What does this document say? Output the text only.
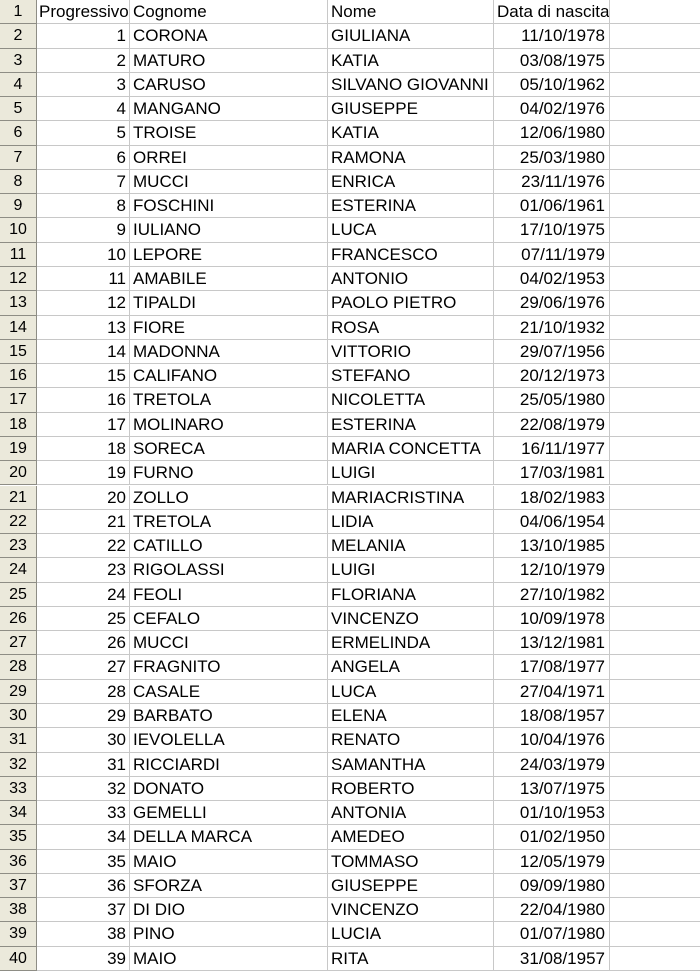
1 Progressivo Cognome	Nome	Data di nascita
2	1 CORONA	GIULIANA	11/10/1978
3	2 MATURO	KATIA	03/08/1975
4	3 CARUSO	SILVANO GIOVANNI	05/10/1962
5	4 MANGANO	GIUSEPPE	04/02/1976
6	5 TROISE	KATIA	12/06/1980
7	6 ORREI	RAMONA	25/03/1980
8	7 MUCCI	ENRICA	23/11/1976
9	8 FOSCHINI	ESTERINA	01/06/1961
10	9 IULIANO	LUCA	17/10/1975
11	10 LEPORE	FRANCESCO	07/11/1979
12	11 AMABILE	ANTONIO	04/02/1953
13	12 TIPALDI	PAOLO PIETRO	29/06/1976
14	13 FIORE	ROSA	21/10/1932
15	14 MADONNA	VITTORIO	29/07/1956
16	15 CALIFANO	STEFANO	20/12/1973
17	16 TRETOLA	NICOLETTA	25/05/1980
18	17 MOLINARO	ESTERINA	22/08/1979
19	18 SORECA	MARIA CONCETTA	16/11/1977
20	19 FURNO	LUIGI	17/03/1981
21	20 ZOLLO	MARIACRISTINA	18/02/1983
22	21 TRETOLA	LIDIA	04/06/1954
23	22 CATILLO	MELANIA	13/10/1985
24	23 RIGOLASSI	LUIGI	12/10/1979
25	24 FEOLI	FLORIANA	27/10/1982
26	25 CEFALO	VINCENZO	10/09/1978
27	26 MUCCI	ERMELINDA	13/12/1981
28	27 FRAGNITO	ANGELA	17/08/1977
29	28 CASALE	LUCA	27/04/1971
30	29 BARBATO	ELENA	18/08/1957
31	30 IEVOLELLA	RENATO	10/04/1976
32	31 RICCIARDI	SAMANTHA	24/03/1979
33	32 DONATO	ROBERTO	13/07/1975
34	33 GEMELLI	ANTONIA	01/10/1953
35	34 DELLA MARCA	AMEDEO	01/02/1950
36	35 MAIO	TOMMASO	12/05/1979
37	36 SFORZA	GIUSEPPE	09/09/1980
38	37 DI DIO	VINCENZO	22/04/1980
39	38 PINO	LUCIA	01/07/1980
40	39 MAIO	RITA	31/08/1957
